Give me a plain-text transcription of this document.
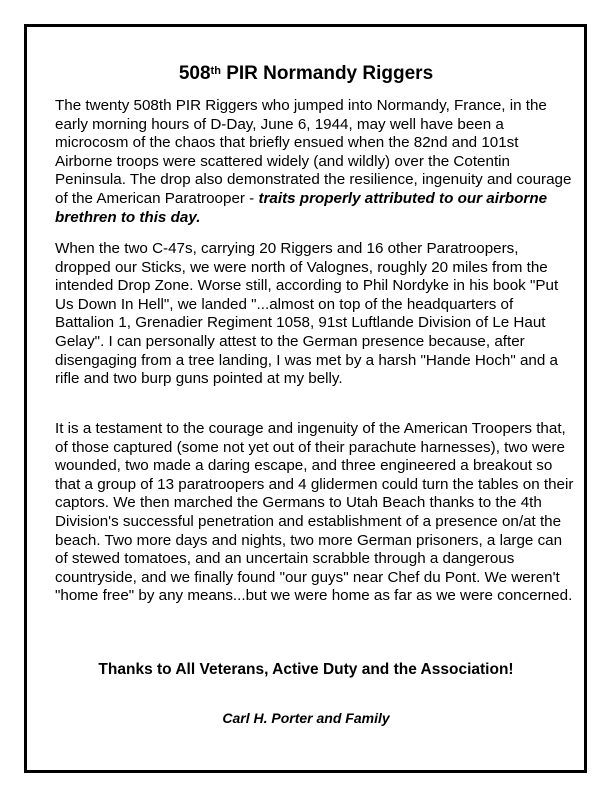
508th PIR Normandy Riggers
The twenty 508th PIR Riggers who jumped into Normandy, France, in the early morning hours of D-Day, June 6, 1944, may well have been a microcosm of the chaos that briefly ensued when the 82nd and 101st Airborne troops were scattered widely (and wildly) over the Cotentin Peninsula. The drop also demonstrated the resilience, ingenuity and courage of the American Paratrooper - traits properly attributed to our airborne brethren to this day.
When the two C-47s, carrying 20 Riggers and 16 other Paratroopers, dropped our Sticks, we were north of Valognes, roughly 20 miles from the intended Drop Zone. Worse still, according to Phil Nordyke in his book "Put Us Down In Hell", we landed "...almost on top of the headquarters of Battalion 1, Grenadier Regiment 1058, 91st Luftlande Division of Le Haut Gelay". I can personally attest to the German presence because, after disengaging from a tree landing, I was met by a harsh "Hande Hoch" and a rifle and two burp guns pointed at my belly.
It is a testament to the courage and ingenuity of the American Troopers that, of those captured (some not yet out of their parachute harnesses), two were wounded, two made a daring escape, and three engineered a breakout so that a group of 13 paratroopers and 4 glidermen could turn the tables on their captors. We then marched the Germans to Utah Beach thanks to the 4th Division's successful penetration and establishment of a presence on/at the beach. Two more days and nights, two more German prisoners, a large can of stewed tomatoes, and an uncertain scrabble through a dangerous countryside, and we finally found "our guys" near Chef du Pont. We weren't "home free" by any means...but we were home as far as we were concerned.
Thanks to All Veterans, Active Duty and the Association!
Carl H. Porter and Family
